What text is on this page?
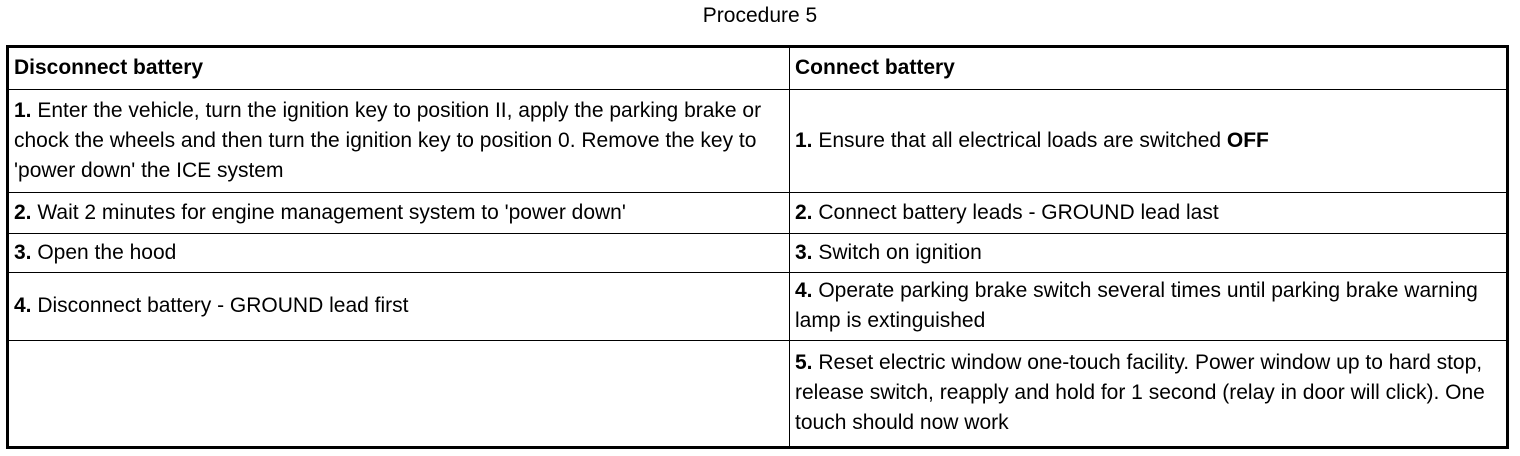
Procedure 5
Disconnect battery	Connect battery
1. Enter the vehicle, turn the ignition key to position II, apply the parking brake or chock the wheels and then turn the ignition key to position 0. Remove the key to 'power down' the ICE system	1. Ensure that all electrical loads are switched OFF
2. Wait 2 minutes for engine management system to 'power down'	2. Connect battery leads - GROUND lead last
3. Open the hood	3. Switch on ignition
4. Disconnect battery - GROUND lead first	4. Operate parking brake switch several times until parking brake warning lamp is extinguished
	5. Reset electric window one-touch facility. Power window up to hard stop, release switch, reapply and hold for 1 second (relay in door will click). One touch should now work
